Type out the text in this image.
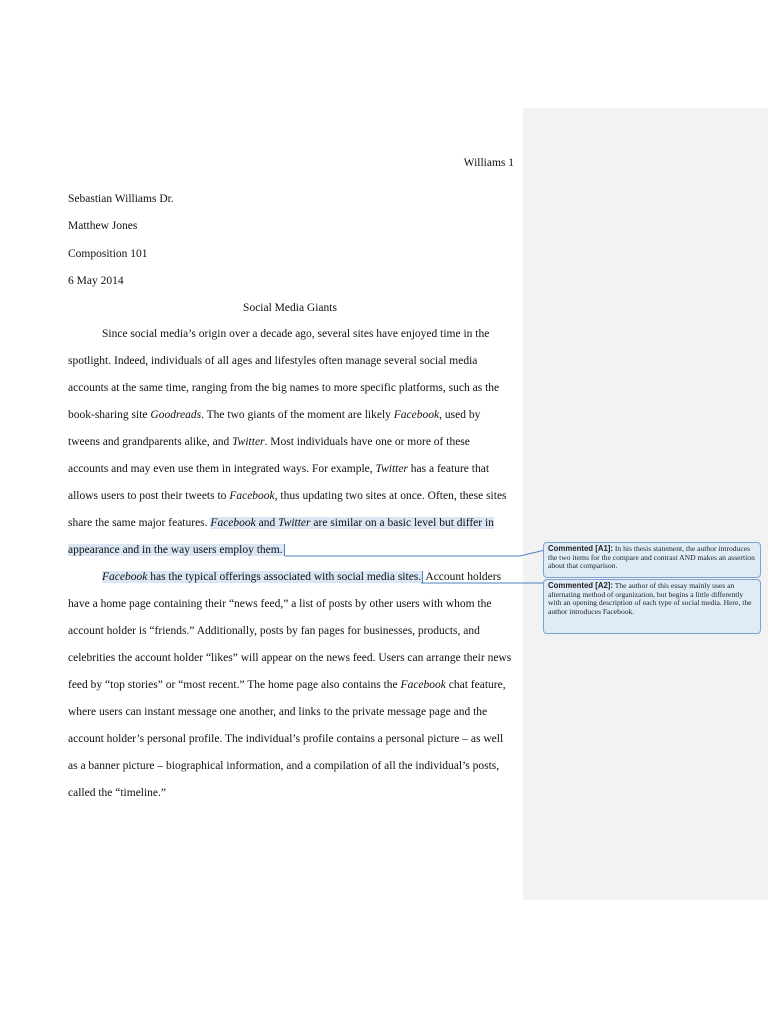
Williams 1
Sebastian Williams Dr.
Matthew Jones
Composition 101
6 May 2014
Social Media Giants
Since social media’s origin over a decade ago, several sites have enjoyed time in the
spotlight. Indeed, individuals of all ages and lifestyles often manage several social media
accounts at the same time, ranging from the big names to more specific platforms, such as the
book-sharing site Goodreads. The two giants of the moment are likely Facebook, used by
tweens and grandparents alike, and Twitter. Most individuals have one or more of these
accounts and may even use them in integrated ways. For example, Twitter has a feature that
allows users to post their tweets to Facebook, thus updating two sites at once. Often, these sites
share the same major features. Facebook and Twitter are similar on a basic level but differ in
appearance and in the way users employ them.
Facebook has the typical offerings associated with social media sites. Account holders
have a home page containing their “news feed,” a list of posts by other users with whom the
account holder is “friends.” Additionally, posts by fan pages for businesses, products, and
celebrities the account holder “likes” will appear on the news feed. Users can arrange their news
feed by “top stories” or “most recent.” The home page also contains the Facebook chat feature,
where users can instant message one another, and links to the private message page and the
account holder’s personal profile. The individual’s profile contains a personal picture – as well
as a banner picture – biographical information, and a compilation of all the individual’s posts,
called the “timeline.”
Commented [A1]: In his thesis statement, the author introduces the two items for the compare and contrast AND makes an assertion about that comparison.
Commented [A2]: The author of this essay mainly uses an alternating method of organization, but begins a little differently with an opening description of each type of social media. Here, the author introduces Facebook.
